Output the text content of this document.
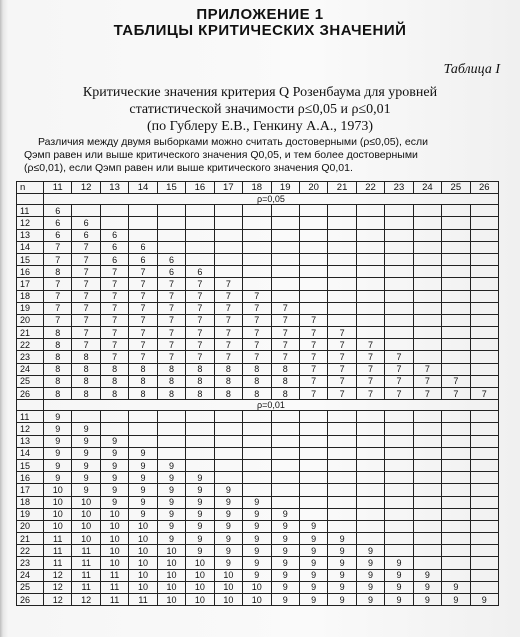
ПРИЛОЖЕНИЕ 1
ТАБЛИЦЫ КРИТИЧЕСКИХ ЗНАЧЕНИЙ
Таблица I
Критические значения критерия Q Розенбаума для уровней
статистической значимости ρ≤0,05 и ρ≤0,01
(по Гублеру Е.В., Генкину А.А., 1973)
Различия между двумя выборками можно считать достоверными (ρ≤0,05), если
Qэмп равен или выше критического значения Q0,05, и тем более достоверными
(ρ≤0,01), если Qэмп равен или выше критического значения Q0,01.
n	11	12	13	14	15	16	17	18	19	20	21	22	23	24	25	26
	ρ=0,05															
11	6															
12	6	6														
13	6	6	6													
14	7	7	6	6												
15	7	7	6	6	6											
16	8	7	7	7	6	6										
17	7	7	7	7	7	7	7									
18	7	7	7	7	7	7	7	7								
19	7	7	7	7	7	7	7	7	7							
20	7	7	7	7	7	7	7	7	7	7						
21	8	7	7	7	7	7	7	7	7	7	7					
22	8	7	7	7	7	7	7	7	7	7	7	7				
23	8	8	7	7	7	7	7	7	7	7	7	7	7			
24	8	8	8	8	8	8	8	8	8	7	7	7	7	7		
25	8	8	8	8	8	8	8	8	8	7	7	7	7	7	7	
26	8	8	8	8	8	8	8	8	8	7	7	7	7	7	7	7
	ρ=0,01															
11	9															
12	9	9														
13	9	9	9													
14	9	9	9	9												
15	9	9	9	9	9											
16	9	9	9	9	9	9										
17	10	9	9	9	9	9	9									
18	10	10	9	9	9	9	9	9								
19	10	10	10	9	9	9	9	9	9							
20	10	10	10	10	9	9	9	9	9	9						
21	11	10	10	10	9	9	9	9	9	9	9					
22	11	11	10	10	10	9	9	9	9	9	9	9				
23	11	11	10	10	10	10	9	9	9	9	9	9	9			
24	12	11	11	10	10	10	10	9	9	9	9	9	9	9		
25	12	11	11	10	10	10	10	10	9	9	9	9	9	9	9	
26	12	12	11	11	10	10	10	10	9	9	9	9	9	9	9	9
